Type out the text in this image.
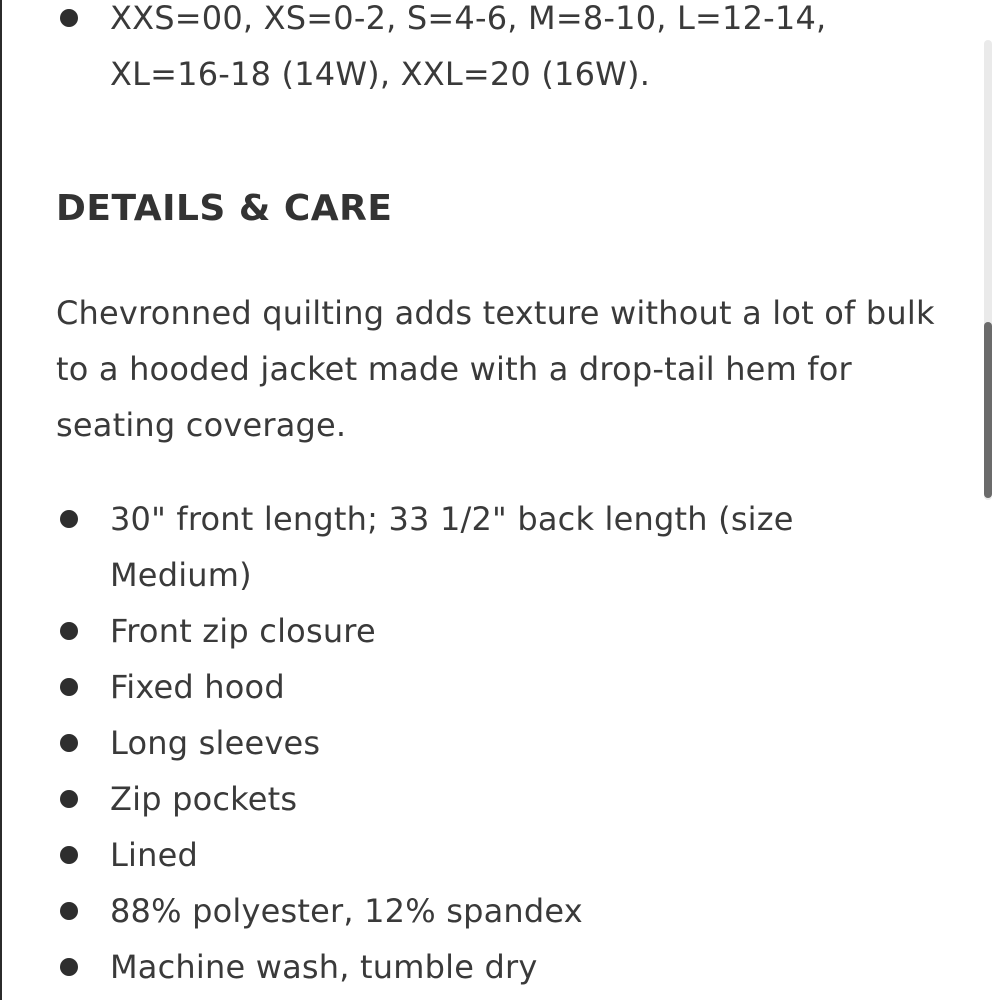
XXS=00, XS=0-2, S=4-6, M=8-10, L=12-14, XL=16-18 (14W), XXL=20 (16W).
DETAILS & CARE

Chevronned quilting adds texture without a lot of bulk to a hooded jacket made with a drop-tail hem for seating coverage.

30" front length; 33 1/2" back length (size Medium)
Front zip closure
Fixed hood
Long sleeves
Zip pockets
Lined
88% polyester, 12% spandex
Machine wash, tumble dry
